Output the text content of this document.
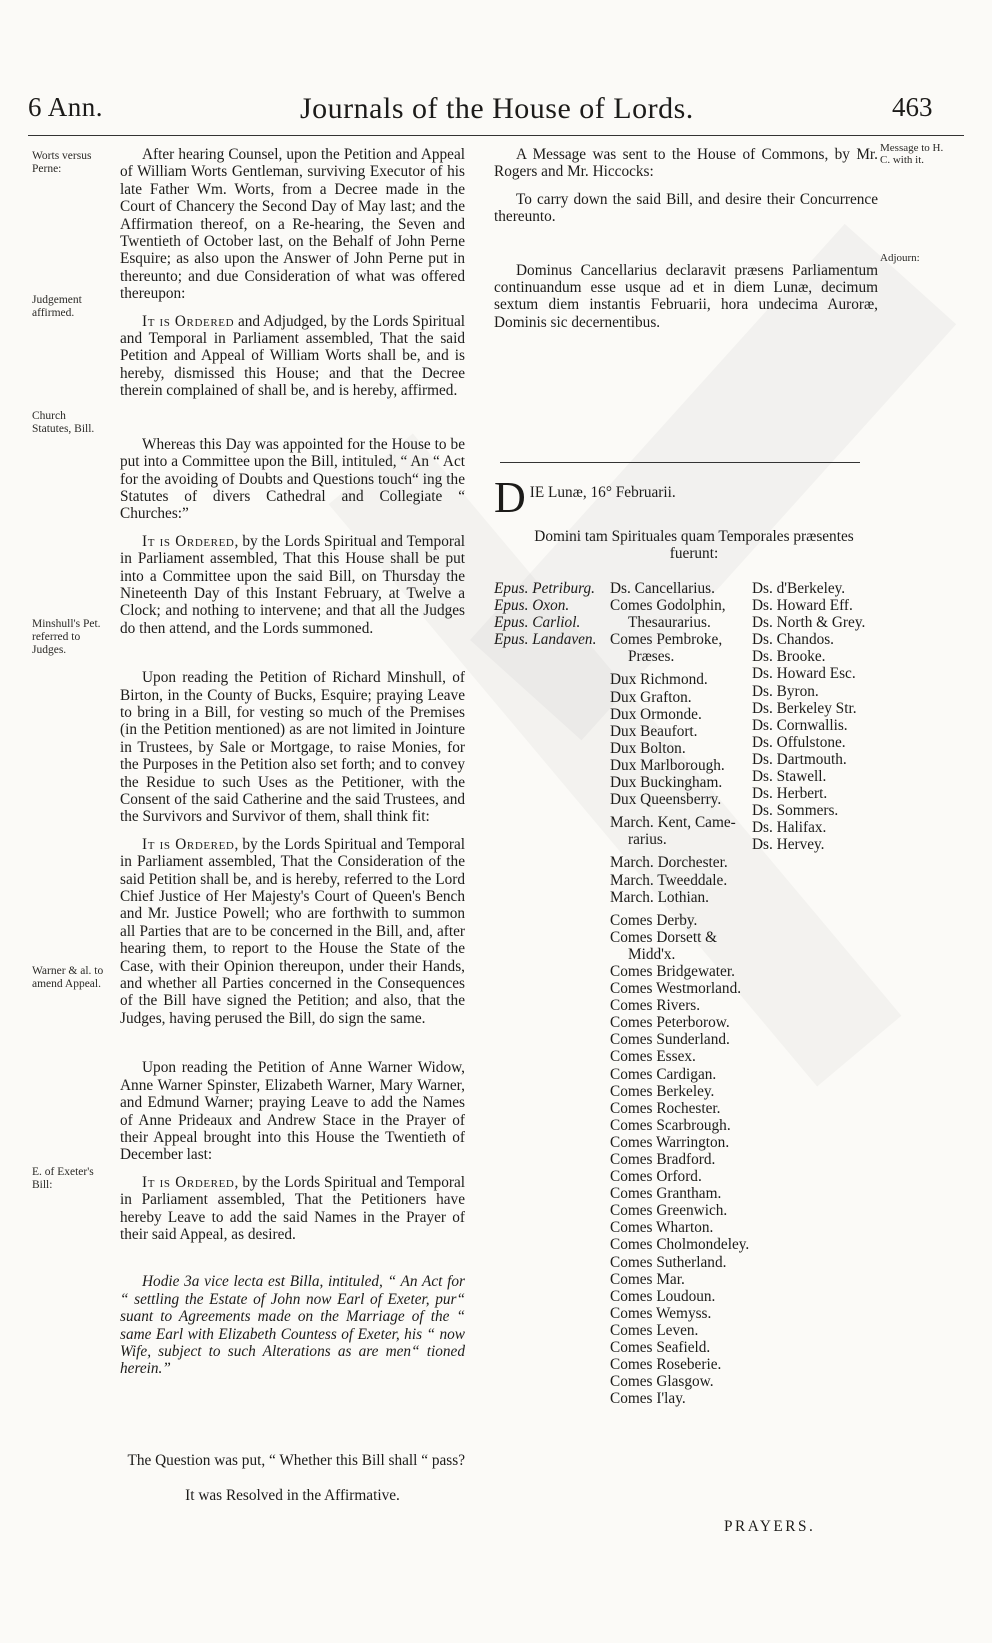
6 Ann.	Journals of the House of Lords.	463
Worts versus Perne:
Judgement affirmed.
Church Statutes, Bill.
Minshull's Pet. referred to Judges.
Warner & al. to amend Appeal.
E. of Exeter's Bill:
Message to H. C. with it.
Adjourn:

After hearing Counsel, upon the Petition and Appeal of William Worts Gentleman, surviving Executor of his late Father Wm. Worts, from a Decree made in the Court of Chancery the Second Day of May last; and the Affirmation thereof, on a Re-hearing, the Seven and Twentieth of October last, on the Behalf of John Perne Esquire; as also upon the Answer of John Perne put in thereunto; and due Consideration of what was offered thereupon:

It is Ordered and Adjudged, by the Lords Spiritual and Temporal in Parliament assembled, That the said Petition and Appeal of William Worts shall be, and is hereby, dismissed this House; and that the Decree therein complained of shall be, and is hereby, affirmed.

Whereas this Day was appointed for the House to be put into a Committee upon the Bill, intituled, “ An “ Act for the avoiding of Doubts and Questions touch“ ing the Statutes of divers Cathedral and Collegiate “ Churches:”

It is Ordered, by the Lords Spiritual and Temporal in Parliament assembled, That this House shall be put into a Committee upon the said Bill, on Thursday the Nineteenth Day of this Instant February, at Twelve a Clock; and nothing to intervene; and that all the Judges do then attend, and the Lords summoned.

Upon reading the Petition of Richard Minshull, of Birton, in the County of Bucks, Esquire; praying Leave to bring in a Bill, for vesting so much of the Premises (in the Petition mentioned) as are not limited in Jointure in Trustees, by Sale or Mortgage, to raise Monies, for the Purposes in the Petition also set forth; and to convey the Residue to such Uses as the Petitioner, with the Consent of the said Catherine and the said Trustees, and the Survivors and Survivor of them, shall think fit:

It is Ordered, by the Lords Spiritual and Temporal in Parliament assembled, That the Consideration of the said Petition shall be, and is hereby, referred to the Lord Chief Justice of Her Majesty's Court of Queen's Bench and Mr. Justice Powell; who are forthwith to summon all Parties that are to be concerned in the Bill, and, after hearing them, to report to the House the State of the Case, with their Opinion thereupon, under their Hands, and whether all Parties concerned in the Consequences of the Bill have signed the Petition; and also, that the Judges, having perused the Bill, do sign the same.

Upon reading the Petition of Anne Warner Widow, Anne Warner Spinster, Elizabeth Warner, Mary Warner, and Edmund Warner; praying Leave to add the Names of Anne Prideaux and Andrew Stace in the Prayer of their Appeal brought into this House the Twentieth of December last:

It is Ordered, by the Lords Spiritual and Temporal in Parliament assembled, That the Petitioners have hereby Leave to add the said Names in the Prayer of their said Appeal, as desired.

Hodie 3a vice lecta est Billa, intituled, “ An Act for “ settling the Estate of John now Earl of Exeter, pur“ suant to Agreements made on the Marriage of the “ same Earl with Elizabeth Countess of Exeter, his “ now Wife, subject to such Alterations as are men“ tioned herein.”

The Question was put, “ Whether this Bill shall “ pass?
It was Resolved in the Affirmative.

A Message was sent to the House of Commons, by Mr. Rogers and Mr. Hiccocks:

To carry down the said Bill, and desire their Concurrence thereunto.

Dominus Cancellarius declaravit præsens Parliamentum continuandum esse usque ad et in diem Lunæ, decimum sextum diem instantis Februarii, hora undecima Auroræ, Dominis sic decernentibus.

D IE Lunæ, 16° Februarii.
Domini tam Spirituales quam Temporales præsentes fuerunt:
Epus. Petriburg.
Epus. Oxon.
Epus. Carliol.
Epus. Landaven.
Ds. Cancellarius.
Comes Godolphin,
Thesaurarius.
Comes Pembroke,
Præses.
Dux Richmond.
Dux Grafton.
Dux Ormonde.
Dux Beaufort.
Dux Bolton.
Dux Marlborough.
Dux Buckingham.
Dux Queensberry.
March. Kent, Came-
rarius.
March. Dorchester.
March. Tweeddale.
March. Lothian.
Comes Derby.
Comes Dorsett &
Midd'x.
Comes Bridgewater.
Comes Westmorland.
Comes Rivers.
Comes Peterborow.
Comes Sunderland.
Comes Essex.
Comes Cardigan.
Comes Berkeley.
Comes Rochester.
Comes Scarbrough.
Comes Warrington.
Comes Bradford.
Comes Orford.
Comes Grantham.
Comes Greenwich.
Comes Wharton.
Comes Cholmondeley.
Comes Sutherland.
Comes Mar.
Comes Loudoun.
Comes Wemyss.
Comes Leven.
Comes Seafield.
Comes Roseberie.
Comes Glasgow.
Comes I'lay.
Ds. d'Berkeley.
Ds. Howard Eff.
Ds. North & Grey.
Ds. Chandos.
Ds. Brooke.
Ds. Howard Esc.
Ds. Byron.
Ds. Berkeley Str.
Ds. Cornwallis.
Ds. Offulstone.
Ds. Dartmouth.
Ds. Stawell.
Ds. Herbert.
Ds. Sommers.
Ds. Halifax.
Ds. Hervey.
PRAYERS.
